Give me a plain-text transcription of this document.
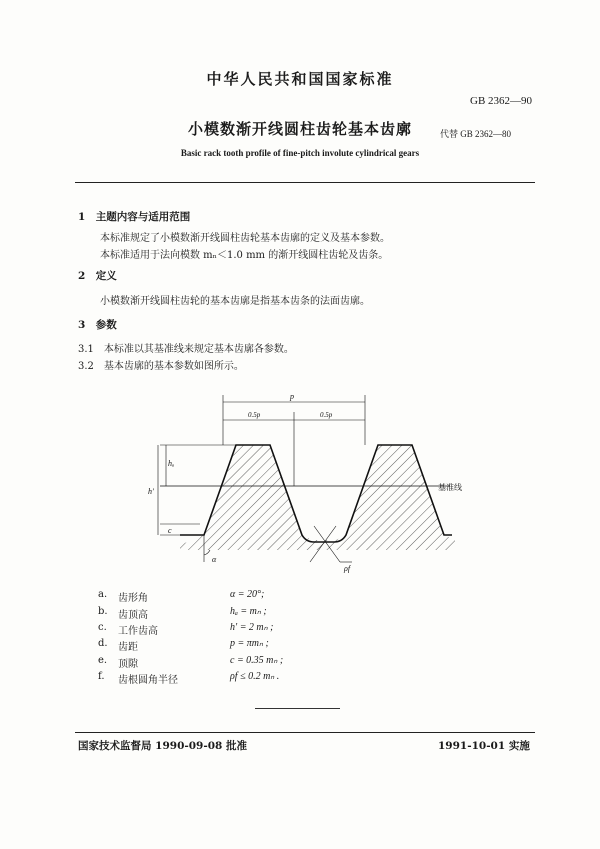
中华人民共和国国家标准
GB 2362—90
小模数渐开线圆柱齿轮基本齿廓	代替 GB 2362—80
Basic rack tooth profile of fine-pitch involute cylindrical gears
1　主题内容与适用范围
本标准规定了小模数渐开线圆柱齿轮基本齿廓的定义及基本参数。
本标准适用于法向模数 mₙ＜1.0 mm 的渐开线圆柱齿轮及齿条。
2　定义
小模数渐开线圆柱齿轮的基本齿廓是指基本齿条的法面齿廓。
3　参数
3.1　本标准以其基准线来规定基本齿廓各参数。
3.2　基本齿廓的基本参数如图所示。
基准线
hₐ
h′
c
p
0.5p	0.5p
α
ρf
a. 齿形角	α = 20°;
b. 齿顶高	hₐ = mₙ ;
c. 工作齿高	h′ = 2 mₙ ;
d. 齿距	p = πmₙ ;
e. 顶隙	c = 0.35 mₙ ;
f. 齿根圆角半径	ρf ≤ 0.2 mₙ .
国家技术监督局 1990-09-08 批准	1991-10-01 实施
